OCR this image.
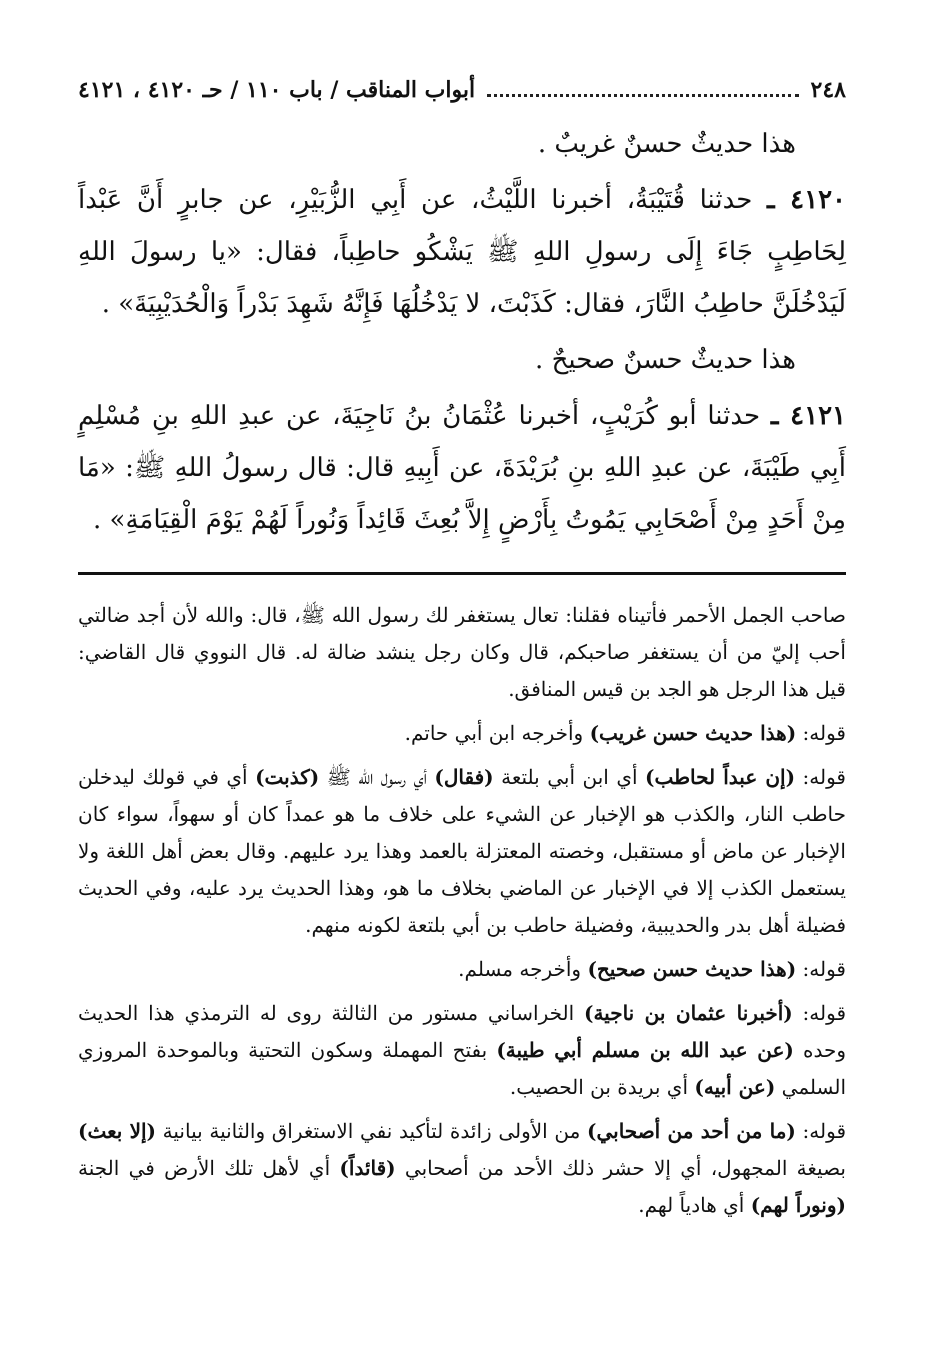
٢٤٨
أبواب المناقب / باب ١١٠ / حـ ٤١٢٠ ، ٤١٢١

هذا حديثٌ حسنٌ غريبٌ .

٤١٢٠ ـ حدثنا قُتَيْبَةُ، أخبرنا اللَّيْثُ، عن أَبِي الزُّبَيْرِ، عن جابرٍ أَنَّ عَبْداً لِحَاطِبٍ جَاءَ إِلَى رسولِ اللهِ ﷺ يَشْكُو حاطِباً، فقال: «يا رسولَ اللهِ لَيَدْخُلَنَّ حاطِبُ النَّارَ، فقال: كَذَبْتَ، لا يَدْخُلُهَا فَإِنَّهُ شَهِدَ بَدْراً وَالْحُدَيْبِيَةَ» .

هذا حديثٌ حسنٌ صحيحٌ .

٤١٢١ ـ حدثنا أبو كُرَيْبٍ، أخبرنا عُثْمَانُ بنُ نَاجِيَةَ، عن عبدِ اللهِ بنِ مُسْلِمٍ أَبِي طَيْبَةَ، عن عبدِ اللهِ بنِ بُرَيْدَةَ، عن أَبِيهِ قال: قال رسولُ اللهِ ﷺ: «مَا مِنْ أَحَدٍ مِنْ أَصْحَابِي يَمُوتُ بِأَرْضٍ إِلاَّ بُعِثَ قَائِداً وَنُوراً لَهُمْ يَوْمَ الْقِيَامَةِ» .

صاحب الجمل الأحمر فأتيناه فقلنا: تعال يستغفر لك رسول الله ﷺ، قال: والله لأن أجد ضالتي أحب إليّ من أن يستغفر صاحبكم، قال وكان رجل ينشد ضالة له. قال النووي قال القاضي: قيل هذا الرجل هو الجد بن قيس المنافق.

قوله: (هذا حديث حسن غريب) وأخرجه ابن أبي حاتم.

قوله: (إن عبداً لحاطب) أي ابن أبي بلتعة (فقال) أي رسول الله ﷺ (كذبت) أي في قولك ليدخلن حاطب النار، والكذب هو الإخبار عن الشيء على خلاف ما هو عمداً كان أو سهواً، سواء كان الإخبار عن ماض أو مستقبل، وخصته المعتزلة بالعمد وهذا يرد عليهم. وقال بعض أهل اللغة ولا يستعمل الكذب إلا في الإخبار عن الماضي بخلاف ما هو، وهذا الحديث يرد عليه، وفي الحديث فضيلة أهل بدر والحديبية، وفضيلة حاطب بن أبي بلتعة لكونه منهم.

قوله: (هذا حديث حسن صحيح) وأخرجه مسلم.

قوله: (أخبرنا عثمان بن ناجية) الخراساني مستور من الثالثة روى له الترمذي هذا الحديث وحده (عن عبد الله بن مسلم أبي طيبة) بفتح المهملة وسكون التحتية وبالموحدة المروزي السلمي (عن أبيه) أي بريدة بن الحصيب.

قوله: (ما من أحد من أصحابي) من الأولى زائدة لتأكيد نفي الاستغراق والثانية بيانية (إلا بعث) بصيغة المجهول، أي إلا حشر ذلك الأحد من أصحابي (قائداً) أي لأهل تلك الأرض في الجنة (ونوراً لهم) أي هادياً لهم.
